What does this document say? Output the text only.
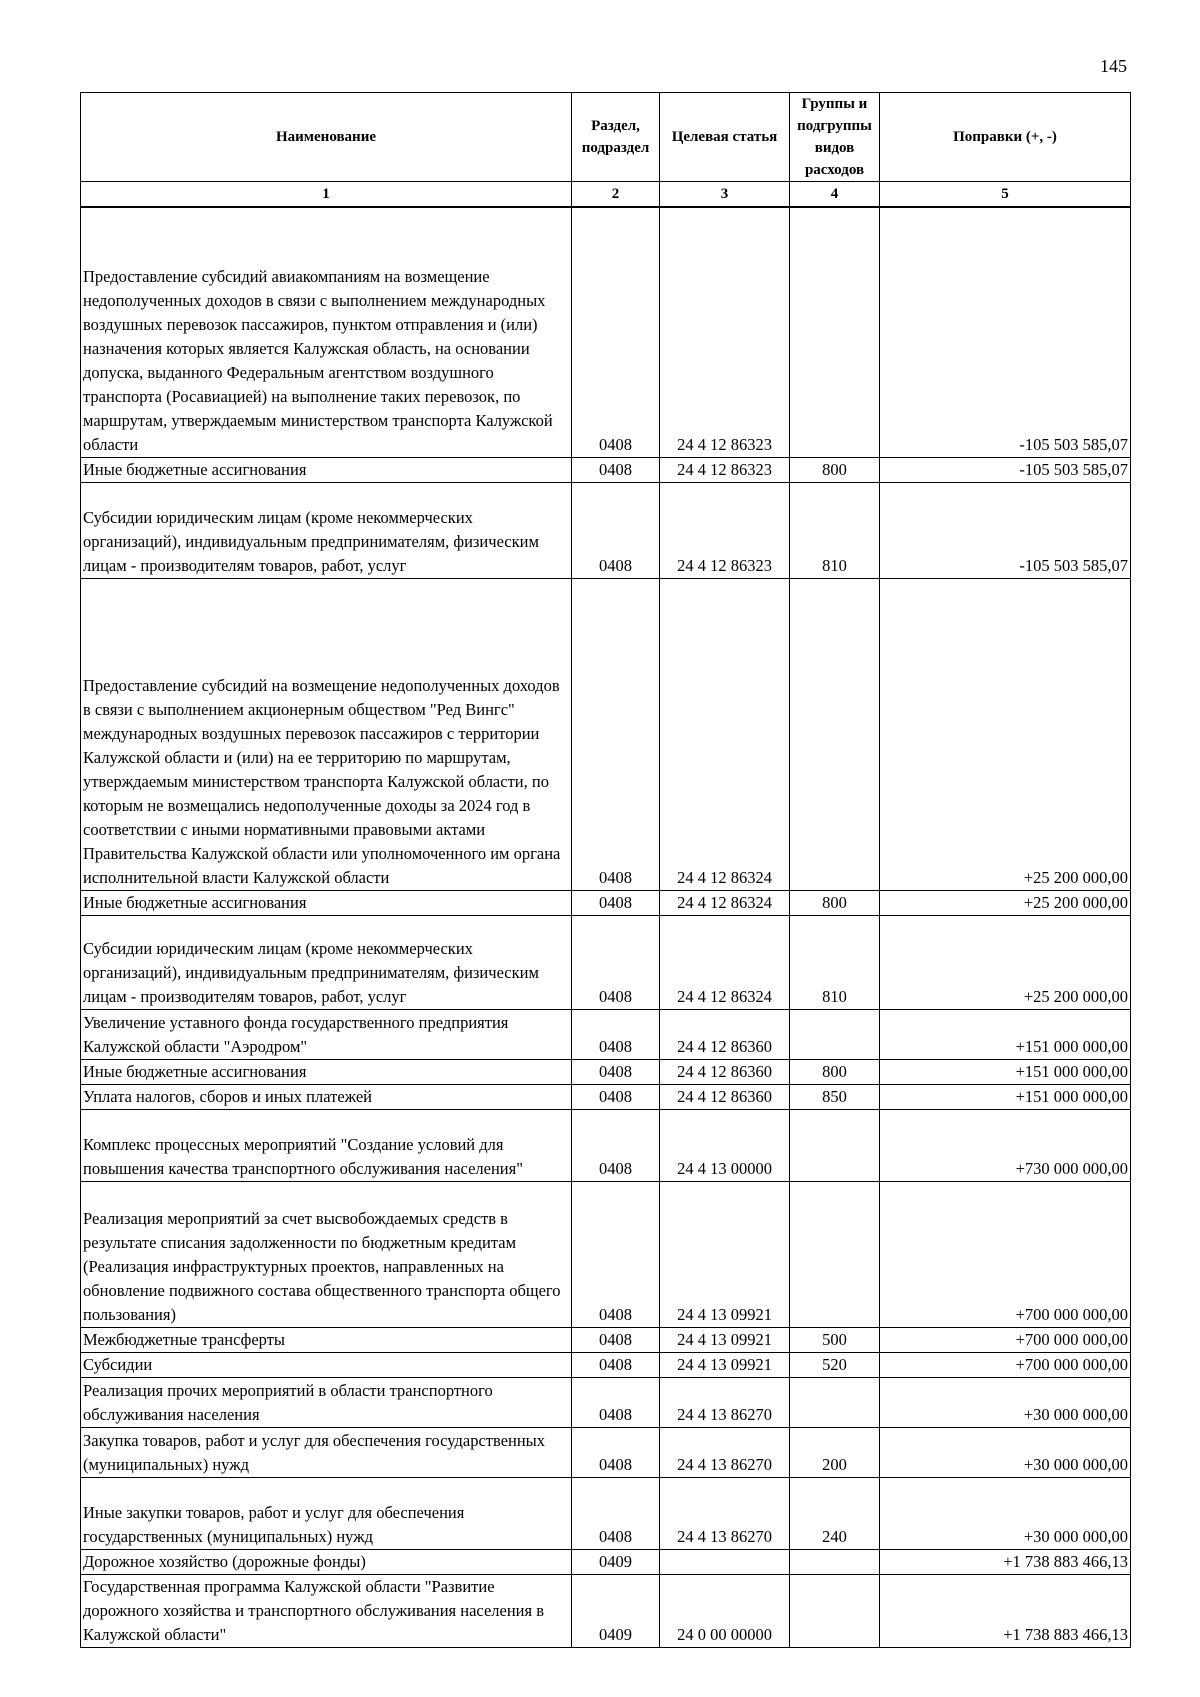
145
Наименование	Раздел, подраздел	Целевая статья	Группы и подгруппы видов расходов	Поправки (+, -)
1	2	3	4	5
Предоставление субсидий авиакомпаниям на возмещение недополученных доходов в связи с выполнением международных воздушных перевозок пассажиров, пунктом отправления и (или) назначения которых является Калужская область, на основании допуска, выданного Федеральным агентством воздушного транспорта (Росавиацией) на выполнение таких перевозок, по маршрутам, утверждаемым министерством транспорта Калужской области	0408	24 4 12 86323		-105 503 585,07
Иные бюджетные ассигнования	0408	24 4 12 86323	800	-105 503 585,07
Субсидии юридическим лицам (кроме некоммерческих организаций), индивидуальным предпринимателям, физическим лицам - производителям товаров, работ, услуг	0408	24 4 12 86323	810	-105 503 585,07
Предоставление субсидий на возмещение недополученных доходов в связи с выполнением акционерным обществом "Ред Вингс" международных воздушных перевозок пассажиров с территории Калужской области и (или) на ее территорию по маршрутам, утверждаемым министерством транспорта Калужской области, по которым не возмещались недополученные доходы за 2024 год в соответствии с иными нормативными правовыми актами Правительства Калужской области или уполномоченного им органа исполнительной власти Калужской области	0408	24 4 12 86324		+25 200 000,00
Иные бюджетные ассигнования	0408	24 4 12 86324	800	+25 200 000,00
Субсидии юридическим лицам (кроме некоммерческих организаций), индивидуальным предпринимателям, физическим лицам - производителям товаров, работ, услуг	0408	24 4 12 86324	810	+25 200 000,00
Увеличение уставного фонда государственного предприятия Калужской области "Аэродром"	0408	24 4 12 86360		+151 000 000,00
Иные бюджетные ассигнования	0408	24 4 12 86360	800	+151 000 000,00
Уплата налогов, сборов и иных платежей	0408	24 4 12 86360	850	+151 000 000,00
Комплекс процессных мероприятий "Создание условий для повышения качества транспортного обслуживания населения"	0408	24 4 13 00000		+730 000 000,00
Реализация мероприятий за счет высвобождаемых средств в результате списания задолженности по бюджетным кредитам (Реализация инфраструктурных проектов, направленных на обновление подвижного состава общественного транспорта общего пользования)	0408	24 4 13 09921		+700 000 000,00
Межбюджетные трансферты	0408	24 4 13 09921	500	+700 000 000,00
Субсидии	0408	24 4 13 09921	520	+700 000 000,00
Реализация прочих мероприятий в области транспортного обслуживания населения	0408	24 4 13 86270		+30 000 000,00
Закупка товаров, работ и услуг для обеспечения государственных (муниципальных) нужд	0408	24 4 13 86270	200	+30 000 000,00
Иные закупки товаров, работ и услуг для обеспечения государственных (муниципальных) нужд	0408	24 4 13 86270	240	+30 000 000,00
Дорожное хозяйство (дорожные фонды)	0409			+1 738 883 466,13
Государственная программа Калужской области "Развитие дорожного хозяйства и транспортного обслуживания населения в Калужской области"	0409	24 0 00 00000		+1 738 883 466,13
